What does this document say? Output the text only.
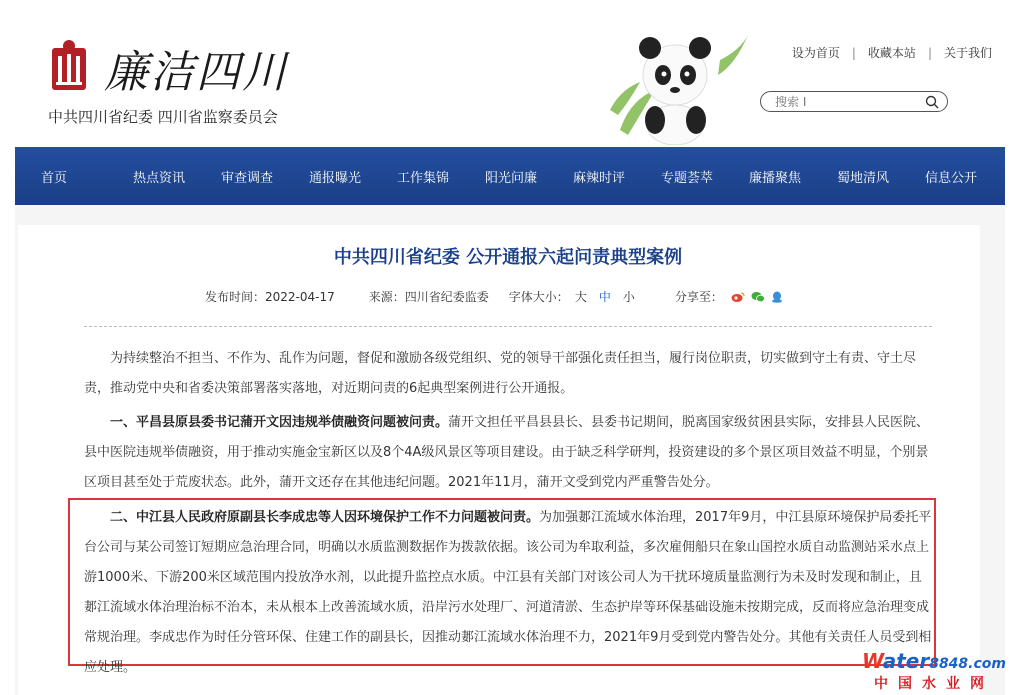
廉洁四川
中共四川省纪委 四川省监察委员会
设为首页 | 收藏本站 | 关于我们
搜索 I
首页	热点资讯	审查调查	通报曝光	工作集锦	阳光问廉	麻辣时评	专题荟萃	廉播聚焦	蜀地清风	信息公开
中共四川省纪委 公开通报六起问责典型案例
发布时间： 2022-04-17	来源： 四川省纪委监委 字体大小： 大 中 小	分享至：

为持续整治不担当、不作为、乱作为问题，督促和激励各级党组织、党的领导干部强化责任担当，履行岗位职责，切实做到守土有责、守土尽责，推动党中央和省委决策部署落实落地，对近期问责的6起典型案例进行公开通报。

一、平昌县原县委书记蒲开文因违规举债融资问题被问责。蒲开文担任平昌县县长、县委书记期间，脱离国家级贫困县实际，安排县人民医院、县中医院违规举债融资，用于推动实施金宝新区以及8个4A级风景区等项目建设。由于缺乏科学研判，投资建设的多个景区项目效益不明显，个别景区项目甚至处于荒废状态。此外，蒲开文还存在其他违纪问题。2021年11月，蒲开文受到党内严重警告处分。

二、中江县人民政府原副县长李成忠等人因环境保护工作不力问题被问责。为加强郪江流域水体治理，2017年9月，中江县原环境保护局委托平台公司与某公司签订短期应急治理合同，明确以水质监测数据作为拨款依据。该公司为牟取利益，多次雇佣船只在象山国控水质自动监测站采水点上游1000米、下游200米区域范围内投放净水剂，以此提升监控点水质。中江县有关部门对该公司人为干扰环境质量监测行为未及时发现和制止，且郪江流域水体治理治标不治本，未从根本上改善流域水质，沿岸污水处理厂、河道清淤、生态护岸等环保基础设施未按期完成，反而将应急治理变成常规治理。李成忠作为时任分管环保、住建工作的副县长，因推动郪江流域水体治理不力，2021年9月受到党内警告处分。其他有关责任人员受到相应处理。	Water8848.com
中国水业网
